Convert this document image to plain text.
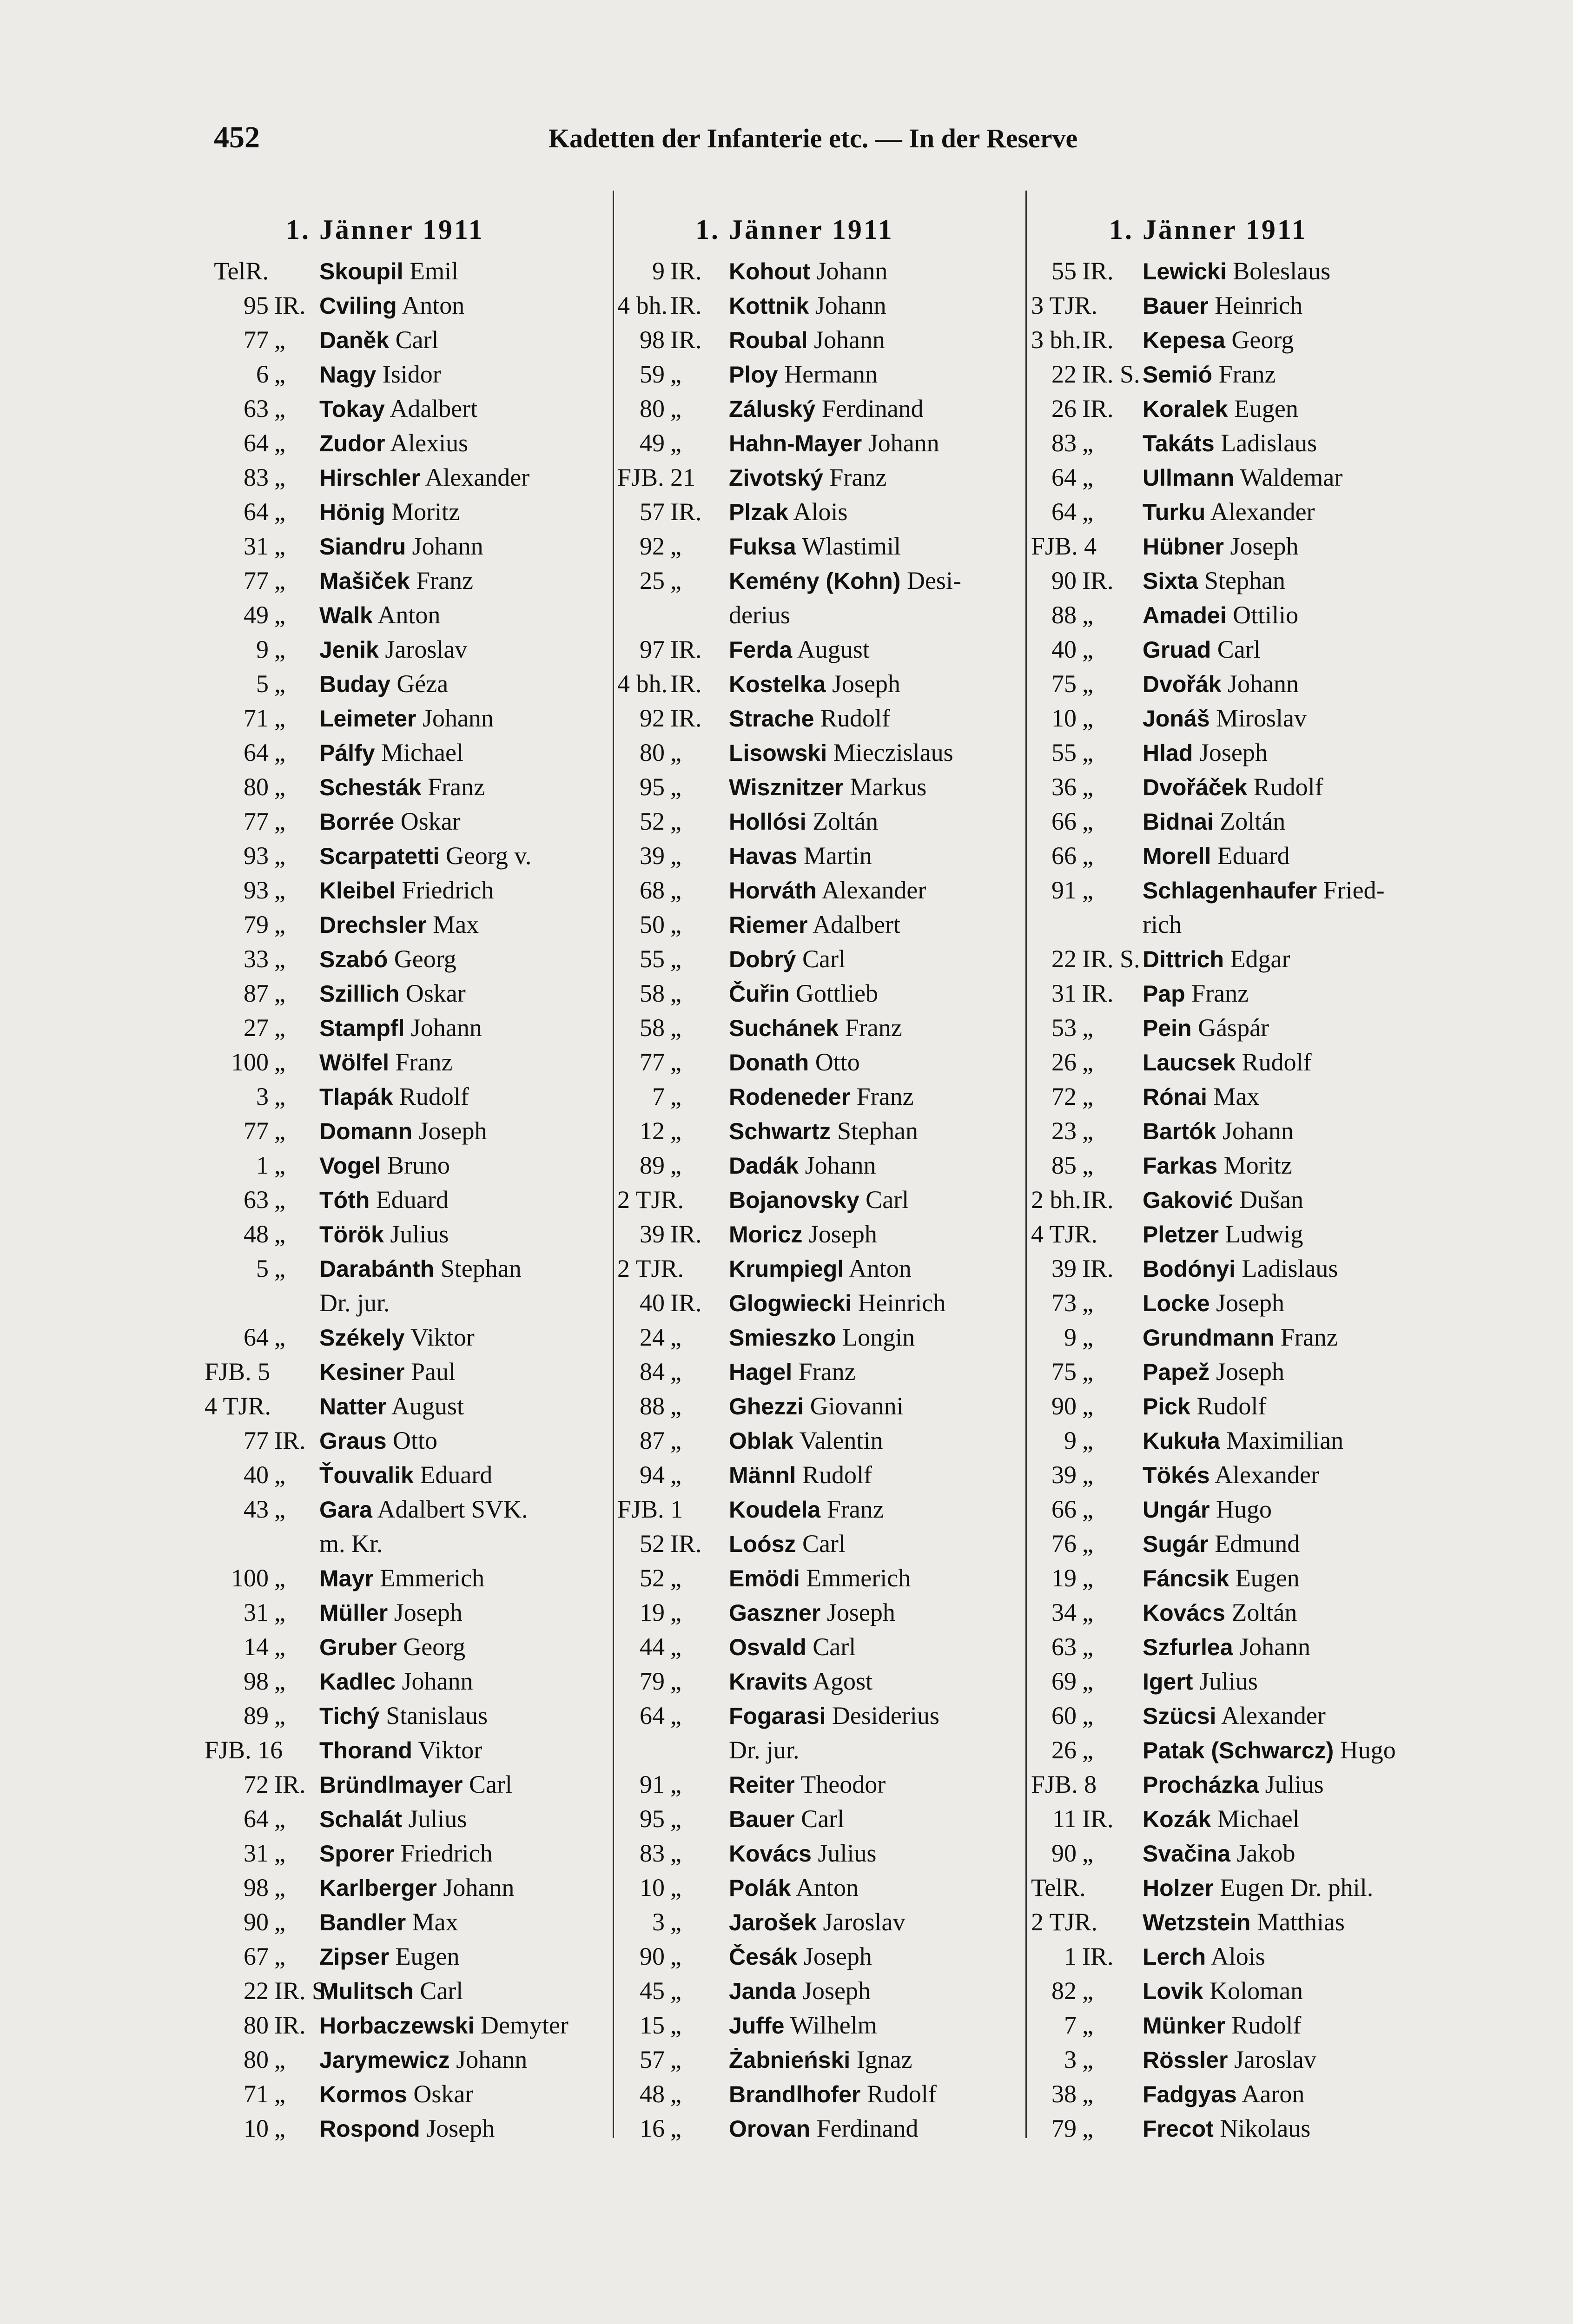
452	Kadetten der Infanterie etc. — In der Reserve
1. Jänner 1911
TelR. Skoupil Emil
95 IR. Cviling Anton
77 „ Daněk Carl
6 „ Nagy Isidor
63 „ Tokay Adalbert
64 „ Zudor Alexius
83 „ Hirschler Alexander
64 „ Hönig Moritz
31 „ Siandru Johann
77 „ Mašiček Franz
49 „ Walk Anton
9 „ Jenik Jaroslav
5 „ Buday Géza
71 „ Leimeter Johann
64 „ Pálfy Michael
80 „ Schesták Franz
77 „ Borrée Oskar
93 „ Scarpatetti Georg v.
93 „ Kleibel Friedrich
79 „ Drechsler Max
33 „ Szabó Georg
87 „ Szillich Oskar
27 „ Stampfl Johann
100 „ Wölfel Franz
3 „ Tlapák Rudolf
77 „ Domann Joseph
1 „ Vogel Bruno
63 „ Tóth Eduard
48 „ Török Julius
5 „ Darabánth Stephan
Dr. jur.
64 „ Székely Viktor
FJB. 5 Kesiner Paul
4 TJR. Natter August
77 IR. Graus Otto
40 „ Ťouvalik Eduard
43 „ Gara Adalbert SVK.
m. Kr.
100 „ Mayr Emmerich
31 „ Müller Joseph
14 „ Gruber Georg
98 „ Kadlec Johann
89 „ Tichý Stanislaus
FJB. 16 Thorand Viktor
72 IR. Bründlmayer Carl
64 „ Schalát Julius
31 „ Sporer Friedrich
98 „ Karlberger Johann
90 „ Bandler Max
67 „ Zipser Eugen
22 IR. S.
Mulitsch Carl
80 IR. Horbaczewski Demyter
80 „ Jarymewicz Johann
71 „ Kormos Oskar
10 „ Rospond Joseph
1. Jänner 1911
9 IR. Kohout Johann
4 bh. IR. Kottnik Johann
98 IR. Roubal Johann
59 „ Ploy Hermann
80 „ Záluský Ferdinand
49 „ Hahn-Mayer Johann
FJB. 21 Zivotský Franz
57 IR. Plzak Alois
92 „ Fuksa Wlastimil
25 „ Kemény (Kohn) Desi-
derius
97 IR. Ferda August
4 bh. IR. Kostelka Joseph
92 IR. Strache Rudolf
80 „ Lisowski Mieczislaus
95 „ Wisznitzer Markus
52 „ Hollósi Zoltán
39 „ Havas Martin
68 „ Horváth Alexander
50 „ Riemer Adalbert
55 „ Dobrý Carl
58 „ Čuřin Gottlieb
58 „ Suchánek Franz
77 „ Donath Otto
7 „ Rodeneder Franz
12 „ Schwartz Stephan
89 „ Dadák Johann
2 TJR. Bojanovsky Carl
39 IR. Moricz Joseph
2 TJR. Krumpiegl Anton
40 IR. Glogwiecki Heinrich
24 „ Smieszko Longin
84 „ Hagel Franz
88 „ Ghezzi Giovanni
87 „ Oblak Valentin
94 „ Männl Rudolf
FJB. 1 Koudela Franz
52 IR. Loósz Carl
52 „ Emödi Emmerich
19 „ Gaszner Joseph
44 „ Osvald Carl
79 „ Kravits Agost
64 „ Fogarasi Desiderius
Dr. jur.
91 „ Reiter Theodor
95 „ Bauer Carl
83 „ Kovács Julius
10 „ Polák Anton
3 „ Jarošek Jaroslav
90 „ Česák Joseph
45 „ Janda Joseph
15 „ Juffe Wilhelm
57 „ Żabnieński Ignaz
48 „ Brandlhofer Rudolf
16 „ Orovan Ferdinand
1. Jänner 1911
55 IR. Lewicki Boleslaus
3 TJR. Bauer Heinrich
3 bh. IR. Kepesa Georg
22 IR. S. Semió Franz
26 IR. Koralek Eugen
83 „ Takáts Ladislaus
64 „ Ullmann Waldemar
64 „ Turku Alexander
FJB. 4 Hübner Joseph
90 IR. Sixta Stephan
88 „ Amadei Ottilio
40 „ Gruad Carl
75 „ Dvořák Johann
10 „ Jonáš Miroslav
55 „ Hlad Joseph
36 „ Dvořáček Rudolf
66 „ Bidnai Zoltán
66 „ Morell Eduard
91 „ Schlagenhaufer Fried-
rich
22 IR. S. Dittrich Edgar
31 IR. Pap Franz
53 „ Pein Gáspár
26 „ Laucsek Rudolf
72 „ Rónai Max
23 „ Bartók Johann
85 „ Farkas Moritz
2 bh. IR. Gaković Dušan
4 TJR. Pletzer Ludwig
39 IR. Bodónyi Ladislaus
73 „ Locke Joseph
9 „ Grundmann Franz
75 „ Papež Joseph
90 „ Pick Rudolf
9 „ Kukuła Maximilian
39 „ Tökés Alexander
66 „ Ungár Hugo
76 „ Sugár Edmund
19 „ Fáncsik Eugen
34 „ Kovács Zoltán
63 „ Szfurlea Johann
69 „ Igert Julius
60 „ Szücsi Alexander
26 „ Patak (Schwarcz) Hugo
FJB. 8 Procházka Julius
11 IR. Kozák Michael
90 „ Svačina Jakob
TelR. Holzer Eugen Dr. phil.
2 TJR. Wetzstein Matthias
1 IR. Lerch Alois
82 „ Lovik Koloman
7 „ Münker Rudolf
3 „ Rössler Jaroslav
38 „ Fadgyas Aaron
79 „ Frecot Nikolaus
